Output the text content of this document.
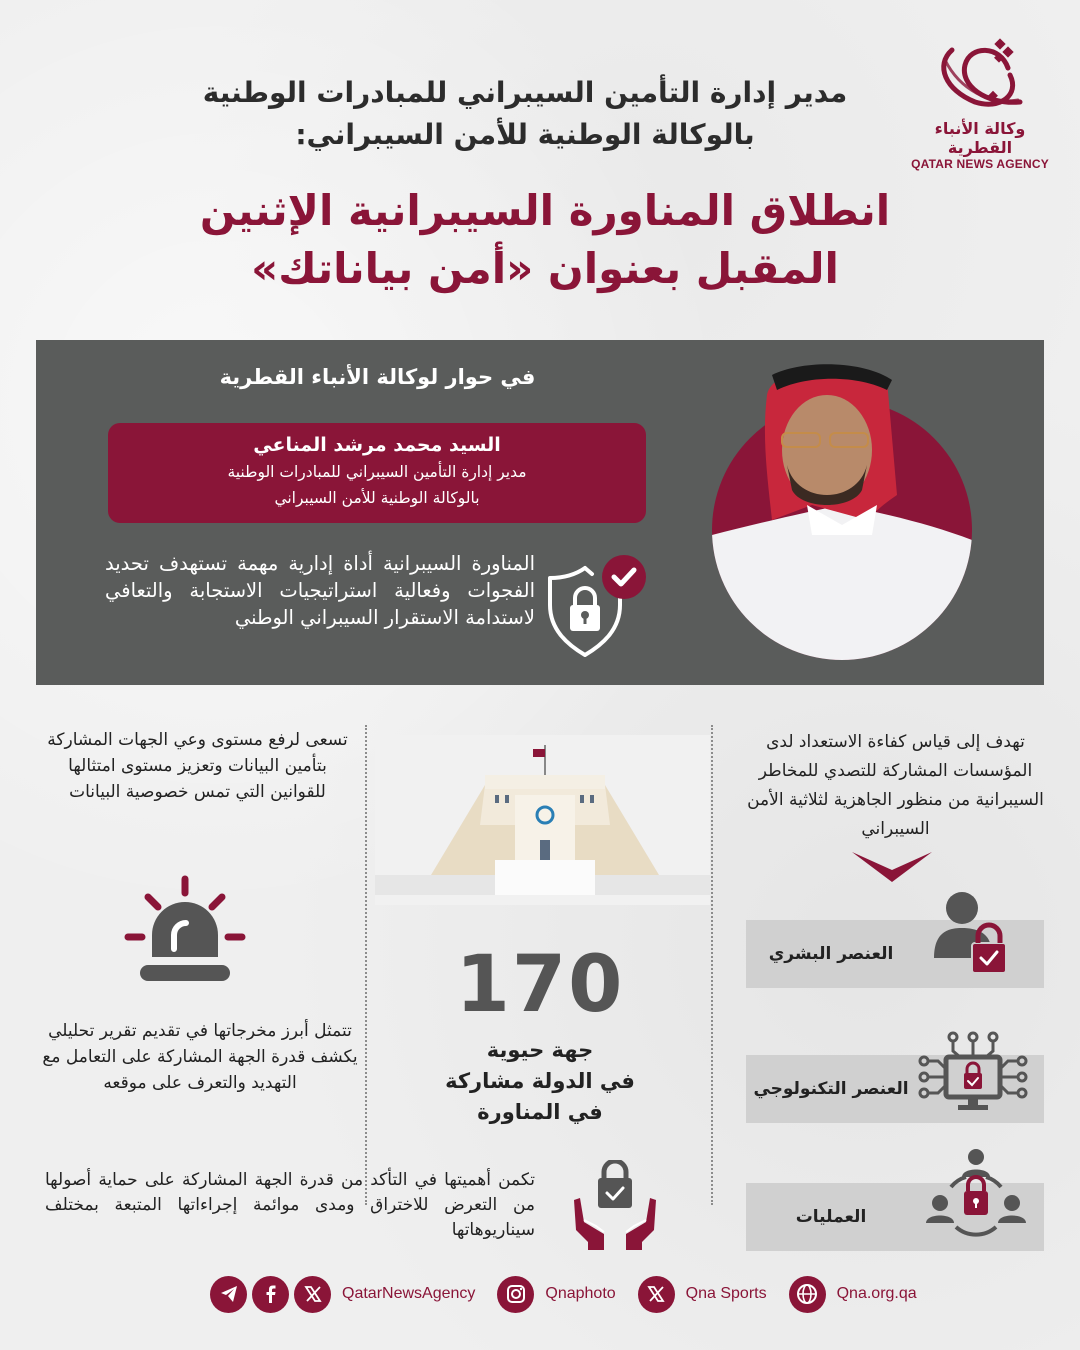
وكالة الأنباء القطرية
QATAR NEWS AGENCY
مدير إدارة التأمين السيبراني للمبادرات الوطنية بالوكالة الوطنية للأمن السيبراني:
انطلاق المناورة السيبرانية الإثنين المقبل بعنوان «أمن بياناتك»
في حوار لوكالة الأنباء القطرية
السيد محمد مرشد المناعي
مدير إدارة التأمين السيبراني للمبادرات الوطنية
بالوكالة الوطنية للأمن السيبراني
المناورة السيبرانية أداة إدارية مهمة تستهدف تحديد الفجوات وفعالية استراتيجيات الاستجابة والتعافي لاستدامة الاستقرار السيبراني الوطني
تهدف إلى قياس كفاءة الاستعداد لدى المؤسسات المشاركة للتصدي للمخاطر السيبرانية من منظور الجاهزية لثلاثية الأمن السيبراني
العنصر البشري
العنصر التكنولوجي
العمليات
تسعى لرفع مستوى وعي الجهات المشاركة بتأمين البيانات وتعزيز مستوى امتثالها للقوانين التي تمس خصوصية البيانات
تتمثل أبرز مخرجاتها في تقديم تقرير تحليلي يكشف قدرة الجهة المشاركة على التعامل مع التهديد والتعرف على موقعه
170
جهة حيوية
في الدولة مشاركة
في المناورة
تكمن أهميتها في التأكد من قدرة الجهة المشاركة على حماية أصولها من التعرض للاختراق ومدى موائمة إجراءاتها المتبعة بمختلف سيناريوهاتها
QatarNewsAgency	Qnaphoto	Qna Sports	Qna.org.qa
